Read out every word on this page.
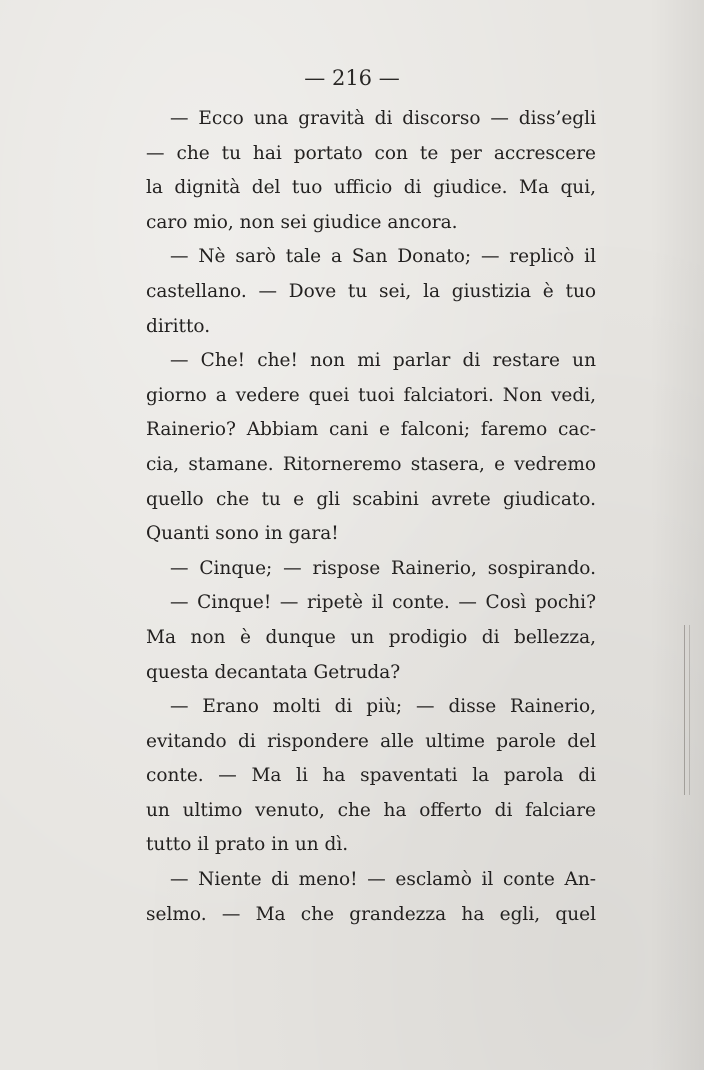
— 216 —
— Ecco una gravità di discorso — diss’egli
— che tu hai portato con te per accrescere
la dignità del tuo ufficio di giudice. Ma qui,
caro mio, non sei giudice ancora.
— Nè sarò tale a San Donato; — replicò il
castellano. — Dove tu sei, la giustizia è tuo
diritto.
— Che! che! non mi parlar di restare un
giorno a vedere quei tuoi falciatori. Non vedi,
Rainerio? Abbiam cani e falconi; faremo cac-
cia, stamane. Ritorneremo stasera, e vedremo
quello che tu e gli scabini avrete giudicato.
Quanti sono in gara!
— Cinque; — rispose Rainerio, sospirando.
— Cinque! — ripetè il conte. — Così pochi?
Ma non è dunque un prodigio di bellezza,
questa decantata Getruda?
— Erano molti di più; — disse Rainerio,
evitando di rispondere alle ultime parole del
conte. — Ma li ha spaventati la parola di
un ultimo venuto, che ha offerto di falciare
tutto il prato in un dì.
— Niente di meno! — esclamò il conte An-
selmo. — Ma che grandezza ha egli, quel
